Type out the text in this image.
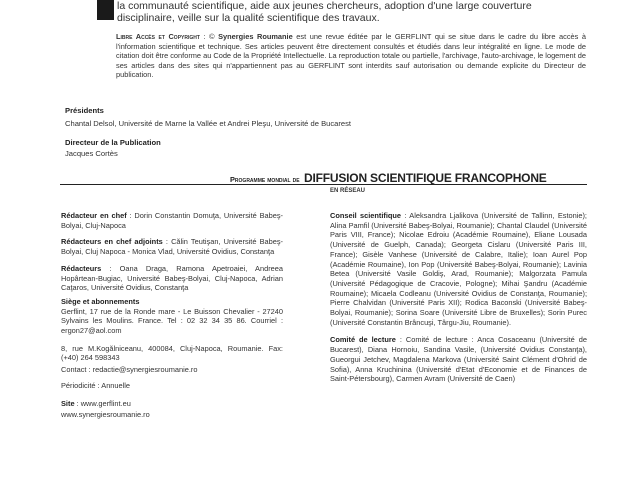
la communauté scientifique, aide aux jeunes chercheurs, adoption d'une large couverture disciplinaire, veille sur la qualité scientifique des travaux.
Libre Accès et Copyright : © Synergies Roumanie est une revue éditée par le GERFLINT qui se situe dans le cadre du libre accès à l'information scientifique et technique. Ses articles peuvent être directement consultés et étudiés dans leur intégralité en ligne. Le mode de citation doit être conforme au Code de la Propriété Intellectuelle. La reproduction totale ou partielle, l'archivage, l'auto-archivage, le logement de ses articles dans des sites qui n'appartiennent pas au GERFLINT sont interdits sauf autorisation ou demande explicite du Directeur de publication.
Présidents
Chantal Delsol, Université de Marne la Vallée et Andrei Pleşu, Université de Bucarest
Directeur de la Publication
Jacques Cortès
Programme mondial de DIFFUSION SCIENTIFIQUE FRANCOPHONE
EN RÉSEAU

Rédacteur en chef : Dorin Constantin Domuţa, Université Babeş-Bolyai, Cluj-Napoca

Rédacteurs en chef adjoints : Călin Teutişan, Université Babeş-Bolyai, Cluj Napoca - Monica Vlad, Université Ovidius, Constanţa

Rédacteurs : Oana Dragа, Ramona Apetroaiei, Andreea Hopârtean-Bugiac, Université Babeş-Bolyai, Cluj-Napoca, Adrian Caţaros, Université Ovidius, Constanţa

Siège et abonnements

Gerflint, 17 rue de la Ronde mare - Le Buisson Chevalier - 27240 Sylvains les Moulins. France. Tel : 02 32 34 35 86. Courriel : ergon27@aol.com

8, rue M.Kogălniceanu, 400084, Cluj-Napoca, Roumanie. Fax: (+40) 264 598343

Contact : redactie@synergiesroumanie.ro

Périodicité : Annuelle

Site : www.gerflint.eu

www.synergiesroumanie.ro

Conseil scientifique : Aleksandra Ljalikova (Université de Tallinn, Estonie); Alina Pamfil (Université Babeş-Bolyai, Roumanie); Chantal Claudel (Université Paris VIII, France); Nicolae Edroiu (Académie Roumaine), Eliane Lousada (Université de Guelph, Canada); Georgeta Cislaru (Université Paris III, France); Gisèle Vanhese (Université de Calabre, Italie); Ioan Aurel Pop (Académie Roumaine), Ion Pop (Université Babeş-Bolyai, Roumanie); Lavinia Betea (Université Vasile Goldiş, Arad, Roumanie); Malgorzata Pamula (Université Pédagogique de Cracovie, Pologne); Mihai Şandru (Académie Roumaine); Micaela Codleanu (Université Ovidius de Constanţa, Roumanie); Pierre Chalvidan (Université Paris XII); Rodica Baconski (Université Babeş-Bolyai, Roumanie); Sorina Soare (Université Libre de Bruxelles); Sorin Purec (Université Constantin Brâncuşi, Târgu-Jiu, Roumanie).

Comité de lecture : Comité de lecture : Anca Cosaceanu (Université de Bucarest), Diana Hornoiu, Sandina Vasile, (Université Ovidius Constanţa), Gueorgui Jetchev, Magdalena Markova (Université Saint Clément d'Ohrid de Sofia), Anna Kruchinina (Université d'Etat d'Economie et de Finances de Saint-Pétersbourg), Carmen Avram (Université de Caen)
